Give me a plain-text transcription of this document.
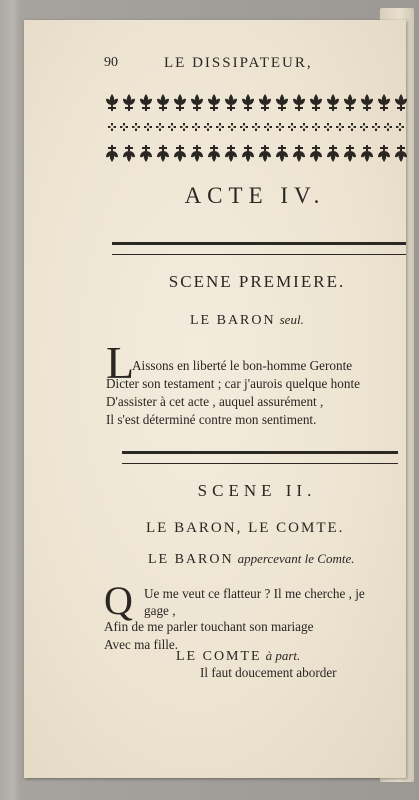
90	LE DISSIPATEUR,
ACTE IV.
SCENE PREMIERE.
LE BARON seul.
L
Aissons en liberté le bon-homme Geronte
Dicter son testament ; car j'aurois quelque honte
D'assister à cet acte , auquel assurément ,
Il s'est déterminé contre mon sentiment.
SCENE II.
LE BARON, LE COMTE.
LE BARON appercevant le Comte.
Q Ue me veut ce flatteur ? Il me cherche , je
gage ,
Afin de me parler touchant son mariage
Avec ma fille.
LE COMTE à part.
Il faut doucement aborder
